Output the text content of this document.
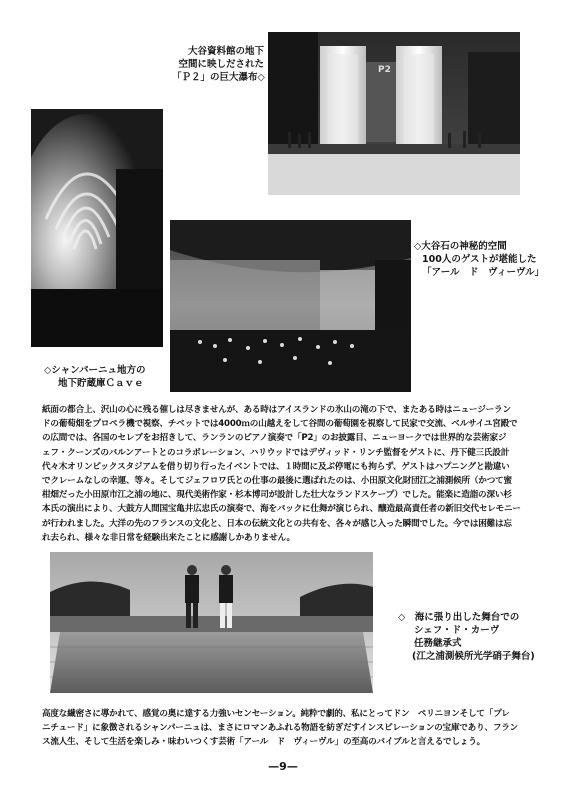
P2
大谷資料館の地下
空間に映しだされた
「Ｐ２」の巨大瀑布◇
◇シャンパーニュ地方の
地下貯蔵庫Ｃａｖｅ
◇大谷石の神秘的空間
100人のゲストが堪能した
「アール　ド　ヴィーヴル」
紙面の都合上、沢山の心に残る催しは尽きませんが、ある時はアイスランドの氷山の滝の下で、またある時はニュージーラン
ドの葡萄畑をプロペラ機で視察、チベットでは4000ｍの山越えをして谷間の葡萄園を視察して民家で交流、ベルサイユ宮殿で
の広間では、各国のセレブをお招きして、ランランのピアノ演奏で「P2」のお披露目、ニューヨークでは世界的な芸術家ジ
ェフ・クーンズのバルンアートとのコラボレーション、ハリウッドではデヴィッド・リンチ監督をゲストに、丹下健三氏設計
代々木オリンピックスタジアムを借り切り行ったイベントでは、１時間に及ぶ停電にも拘らず、ゲストはハプニングと勘違い
でクレームなしの幸運、等々。そしてジェフロワ氏との仕事の最後に選ばれたのは、小田原文化財団江之浦測候所（かつて蜜
柑畑だった小田原市江之浦の地に、現代美術作家・杉本博司が設計した壮大なランドスケープ）でした。能楽に造詣の深い杉
本氏の演出により、大鼓方人間国宝亀井広忠氏の演奏で、海をバックに仕舞が演じられ、醸造最高責任者の新旧交代セレモニー
が行われました。大洋の先のフランスの文化と、日本の伝統文化との共有を、各々が感じ入った瞬間でした。今では困難は忘
れ去られ、様々な非日常を経験出来たことに感謝しかありません。
◇　海に張り出した舞台での
シェフ・ド・カーヴ
任務継承式
(江之浦測候所光学硝子舞台)
高度な繊密さに導かれて、感覚の奥に達する力強いセンセーション。純粋で劇的、私にとってドン　ペリニヨンそして「プレ
ニチュード」に象徴されるシャンパーニュは、まさにロマンあふれる物語を紡ぎだすインスピレーションの宝庫であり、フラン
ス流人生、そして生活を楽しみ・味わいつくす芸術「アール　ド　ヴィーヴル」の至高のバイブルと言えるでしょう。
—9—
